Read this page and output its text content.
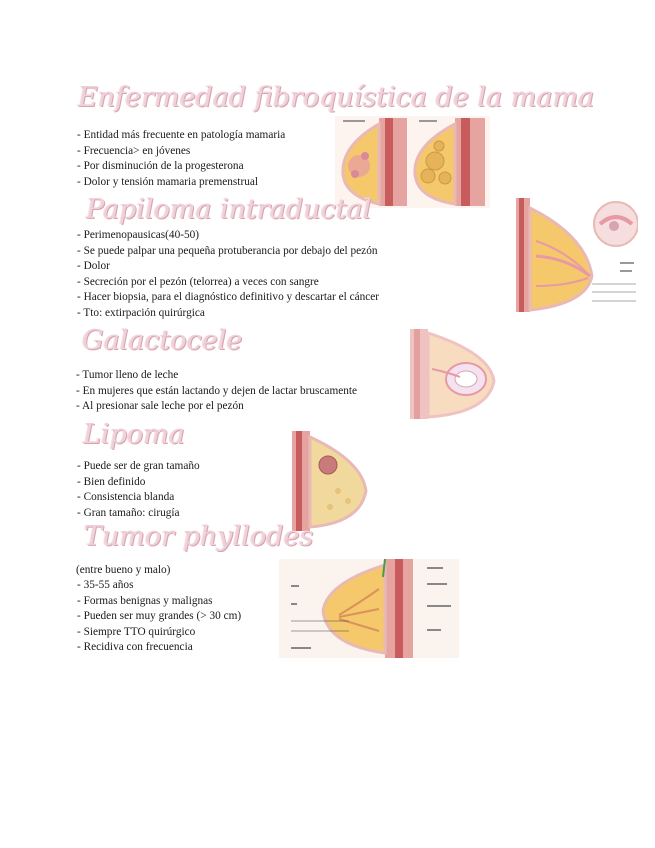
Enfermedad fibroquística de la mama
- Entidad más frecuente en patología mamaria
- Frecuencia> en jóvenes
- Por disminución de la progesterona
- Dolor y tensión mamaria premenstrual
Papiloma intraductal
- Perimenopausicas(40-50)
- Se puede palpar una pequeña protuberancia por debajo del pezón
- Dolor
- Secreción por el pezón (telorrea) a veces con sangre
- Hacer biopsia, para el diagnóstico definitivo y descartar el cáncer
- Tto: extirpación quirúrgica
Galactocele
- Tumor lleno de leche
- En mujeres que están lactando y dejen de lactar bruscamente
- Al presionar sale leche por el pezón
Lipoma
- Puede ser de gran tamaño
- Bien definido
- Consistencia blanda
- Gran tamaño: cirugía
Tumor phyllodes
(entre bueno y malo)
- 35-55 años
- Formas benignas y malignas
- Pueden ser muy grandes (> 30 cm)
- Siempre TTO quirúrgico
- Recidiva con frecuencia
